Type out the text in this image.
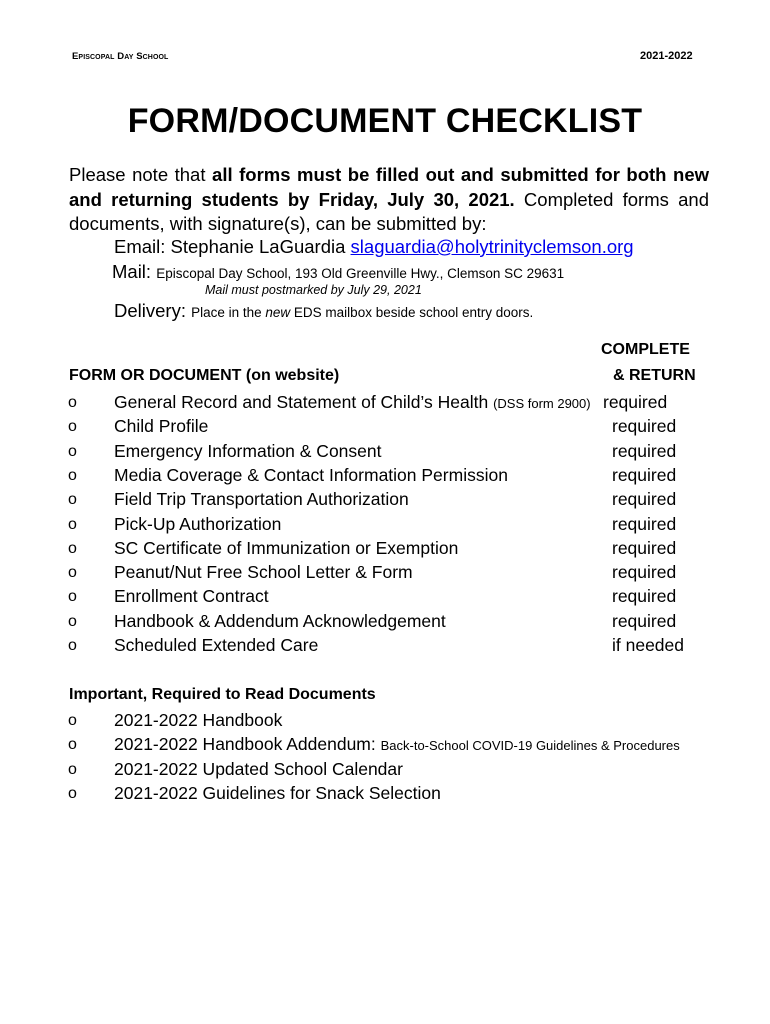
Episcopal Day School	2021-2022
FORM/DOCUMENT CHECKLIST
Please note that all forms must be filled out and submitted for both new and returning students by Friday, July 30, 2021. Completed forms and documents, with signature(s), can be submitted by:
Email: Stephanie LaGuardia slaguardia@holytrinityclemson.org
Mail: Episcopal Day School, 193 Old Greenville Hwy., Clemson SC 29631
Mail must postmarked by July 29, 2021
Delivery: Place in the new EDS mailbox beside school entry doors.
COMPLETE
FORM OR DOCUMENT (on website)	& RETURN
o General Record and Statement of Child’s Health (DSS form 2900) required
o Child Profile	required
o Emergency Information & Consent	required
o Media Coverage & Contact Information Permission	required
o Field Trip Transportation Authorization	required
o Pick-Up Authorization	required
o SC Certificate of Immunization or Exemption	required
o Peanut/Nut Free School Letter & Form	required
o Enrollment Contract	required
o Handbook & Addendum Acknowledgement	required
o Scheduled Extended Care	if needed
Important, Required to Read Documents
o 2021-2022 Handbook
o 2021-2022 Handbook Addendum: Back-to-School COVID-19 Guidelines & Procedures
o 2021-2022 Updated School Calendar
o 2021-2022 Guidelines for Snack Selection
